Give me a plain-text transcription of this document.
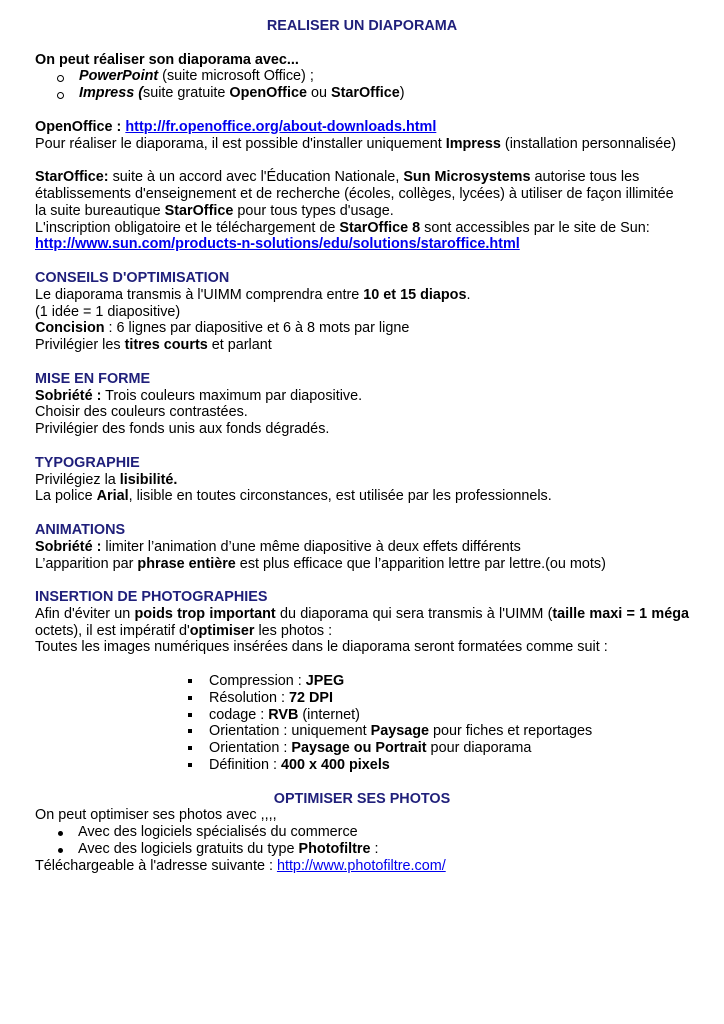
REALISER UN DIAPORAMA
On peut réaliser son diaporama avec...
PowerPoint (suite microsoft Office) ;
Impress (suite gratuite OpenOffice ou StarOffice)
OpenOffice : http://fr.openoffice.org/about-downloads.html
Pour réaliser le diaporama, il est possible d'installer uniquement Impress (installation personnalisée)
StarOffice: suite à un accord avec l'Éducation Nationale, Sun Microsystems autorise tous les
établissements d'enseignement et de recherche (écoles, collèges, lycées) à utiliser de façon illimitée
la suite bureautique StarOffice pour tous types d'usage.
L'inscription obligatoire et le téléchargement de StarOffice 8 sont accessibles par le site de Sun:
http://www.sun.com/products-n-solutions/edu/solutions/staroffice.html
CONSEILS D'OPTIMISATION
Le diaporama transmis à l'UIMM comprendra entre 10 et 15 diapos.
(1 idée = 1 diapositive)
Concision : 6 lignes par diapositive et 6 à 8 mots par ligne
Privilégier les titres courts et parlant
MISE EN FORME
Sobriété : Trois couleurs maximum par diapositive.
Choisir des couleurs contrastées.
Privilégier des fonds unis aux fonds dégradés.
TYPOGRAPHIE
Privilégiez la lisibilité.
La police Arial, lisible en toutes circonstances, est utilisée par les professionnels.
ANIMATIONS
Sobriété : limiter l’animation d’une même diapositive à deux effets différents
L’apparition par phrase entière est plus efficace que l’apparition lettre par lettre.(ou mots)
INSERTION DE PHOTOGRAPHIES
Afin d'éviter un poids trop important du diaporama qui sera transmis à l'UIMM (taille maxi = 1 méga octets), il est impératif d'optimiser les photos :
Toutes les images numériques insérées dans le diaporama seront formatées comme suit :
Compression : JPEG
Résolution : 72 DPI
codage : RVB (internet)
Orientation : uniquement Paysage pour fiches et reportages
Orientation : Paysage ou Portrait pour diaporama
Définition : 400 x 400 pixels
OPTIMISER SES PHOTOS
On peut optimiser ses photos avec ,,,,
Avec des logiciels spécialisés du commerce
Avec des logiciels gratuits du type Photofiltre :
Téléchargeable à l'adresse suivante : http://www.photofiltre.com/
